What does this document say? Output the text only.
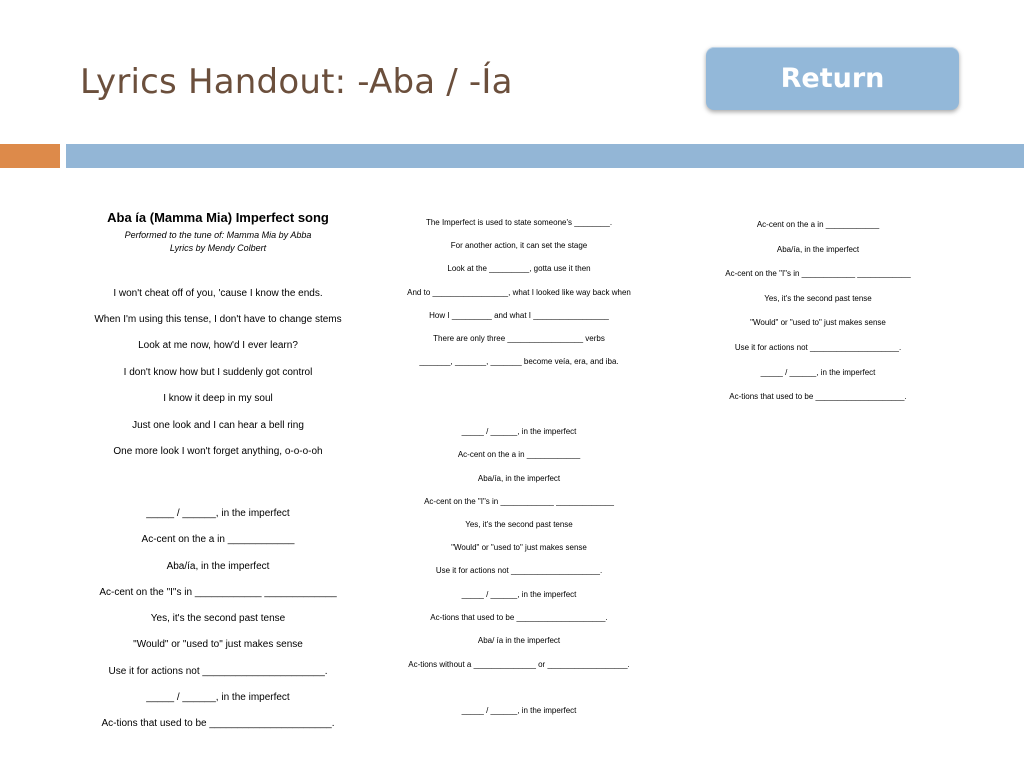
Lyrics Handout: -Aba / -Ía	Return
Aba ía (Mamma Mia) Imperfect song
Performed to the tune of: Mamma Mia by Abba
Lyrics by Mendy Colbert
I won't cheat off of you, 'cause I know the ends.
When I'm using this tense, I don't have to change stems
Look at me now, how'd I ever learn?
I don't know how but I suddenly got control
I know it deep in my soul
Just one look and I can hear a bell ring
One more look I won't forget anything, o-o-o-oh
_____ / ______, in the imperfect
Ac-cent on the a in ____________
Aba/ía, in the imperfect
Ac-cent on the "I"s in ____________ _____________
Yes, it's the second past tense
"Would" or "used to" just makes sense
Use it for actions not ______________________.
_____ / ______, in the imperfect
Ac-tions that used to be ______________________.
The Imperfect is used to state someone's ________.
For another action, it can set the stage
Look at the _________, gotta use it then
And to _________________, what I looked like way back when
How I _________ and what I _________________
There are only three _________________ verbs
_______, _______, _______ become veía, era, and iba.
_____ / ______, in the imperfect
Ac-cent on the a in ____________
Aba/ía, in the imperfect
Ac-cent on the "I"s in ____________ _____________
Yes, it's the second past tense
"Would" or "used to" just makes sense
Use it for actions not ____________________.
_____ / ______, in the imperfect
Ac-tions that used to be ____________________.
Aba/ ía in the imperfect
Ac-tions without a ______________ or __________________.
_____ / ______, in the imperfect
Ac-cent on the a in ____________
Aba/ía, in the imperfect
Ac-cent on the "I"s in ____________ ____________
Yes, it's the second past tense
"Would" or "used to" just makes sense
Use it for actions not ____________________.
_____ / ______, in the imperfect
Ac-tions that used to be ____________________.
